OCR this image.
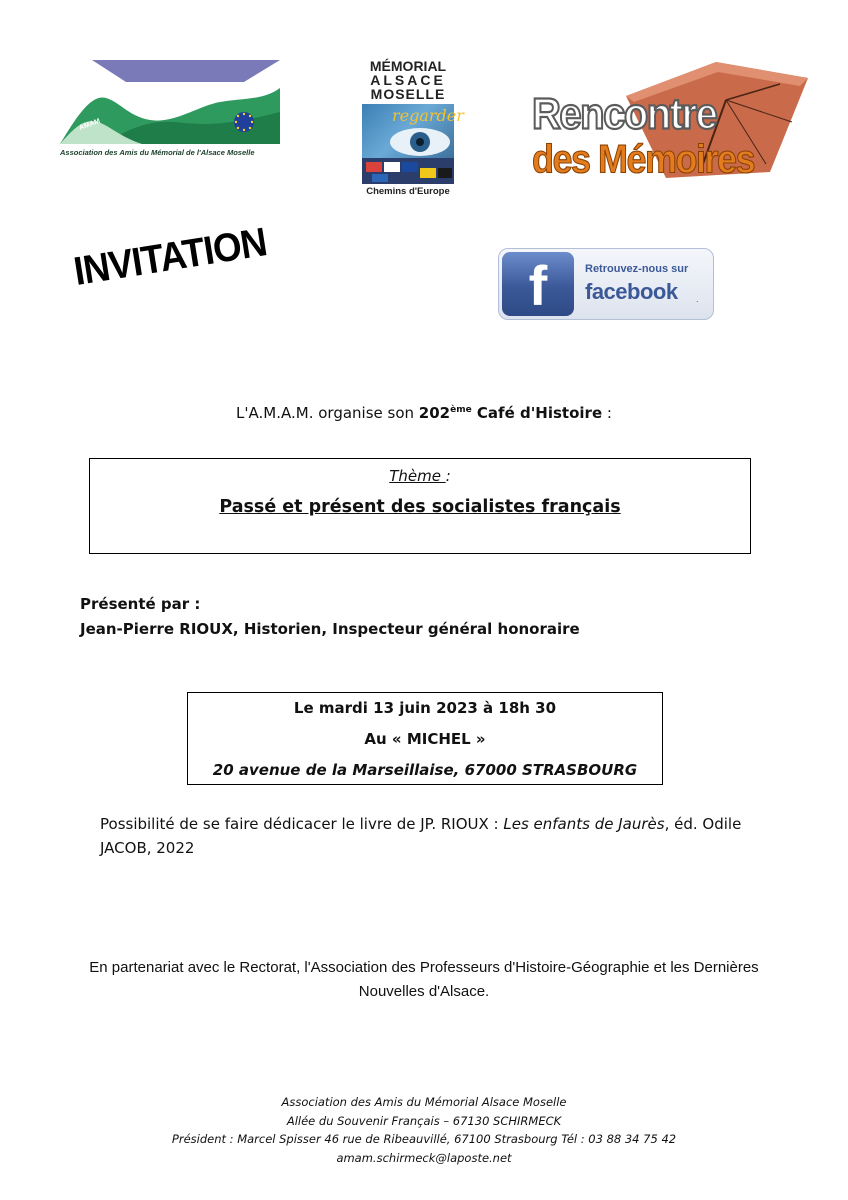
AMAM
Association des Amis du Mémorial de l'Alsace Moselle
MÉMORIAL
ALSACE
MOSELLE
regarder
Chemins d'Europe
Rencontre
des Mémoires
INVITATION	f	Retrouvez-nous sur
facebook .
L'A.M.A.M. organise son 202ème Café d'Histoire :
Thème :
Passé et présent des socialistes français
Présenté par :
Jean-Pierre RIOUX, Historien, Inspecteur général honoraire
Le mardi 13 juin 2023 à 18h 30
Au « MICHEL »
20 avenue de la Marseillaise, 67000 STRASBOURG
Possibilité de se faire dédicacer le livre de JP. RIOUX : Les enfants de Jaurès, éd. Odile JACOB, 2022
En partenariat avec le Rectorat, l'Association des Professeurs d'Histoire-Géographie et les Dernières Nouvelles d'Alsace.
Association des Amis du Mémorial Alsace Moselle
Allée du Souvenir Français – 67130 SCHIRMECK
Président : Marcel Spisser 46 rue de Ribeauvillé, 67100 Strasbourg Tél : 03 88 34 75 42
amam.schirmeck@laposte.net
